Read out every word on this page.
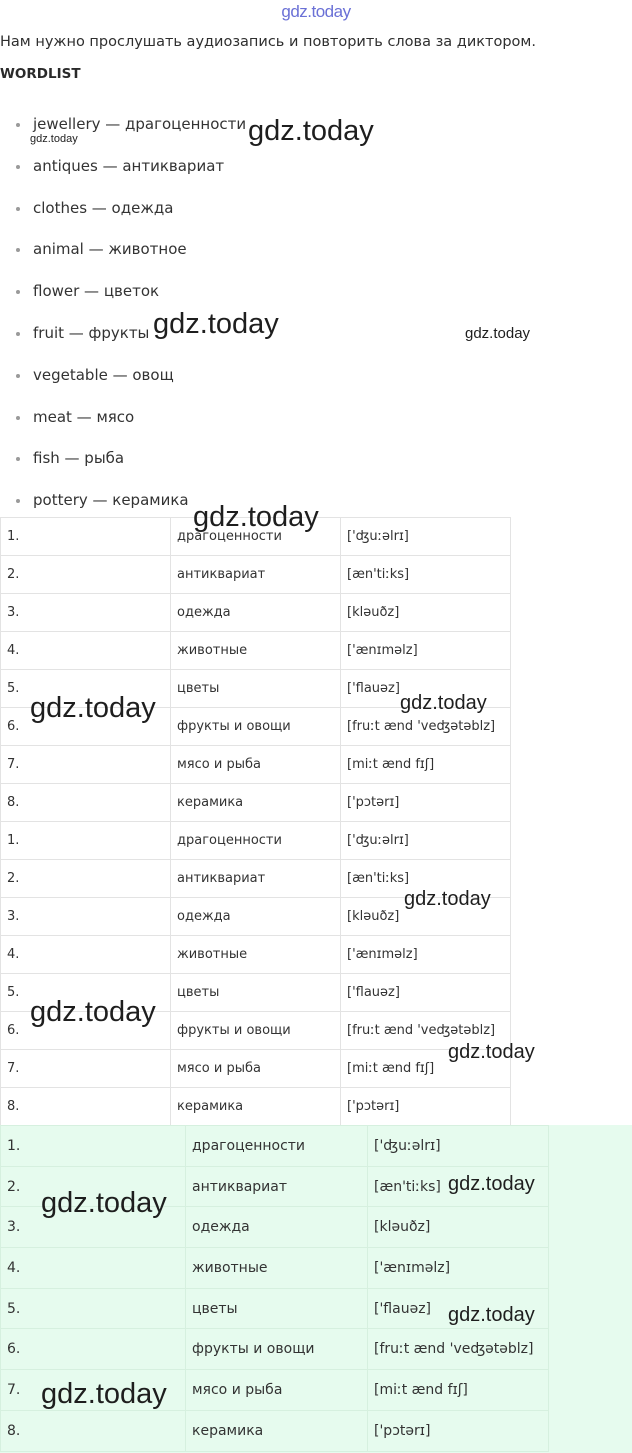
gdz.today
Нам нужно прослушать аудиозапись и повторить слова за диктором.
WORDLIST
jewellery — драгоценности
antiques — антиквариат
clothes — одежда
animal — животное
flower — цветок
fruit — фрукты
vegetable — овощ
meat — мясо
fish — рыба
pottery — керамика
1.	драгоценности	['ʤuːəlrɪ]
2.	антиквариат	[æn'tiːks]
3.	одежда	[kləuðz]
4.	животные	['ænɪməlz]
5.	цветы	['flauəz]
6.	фрукты и овощи	[fruːt ænd 'veʤətəblz]
7.	мясо и рыба	[miːt ænd fɪʃ]
8.	керамика	['pɔtərɪ]
1.	драгоценности	['ʤuːəlrɪ]
2.	антиквариат	[æn'tiːks]
3.	одежда	[kləuðz]
4.	животные	['ænɪməlz]
5.	цветы	['flauəz]
6.	фрукты и овощи	[fruːt ænd 'veʤətəblz]
7.	мясо и рыба	[miːt ænd fɪʃ]
8.	керамика	['pɔtərɪ]
1.	драгоценности	['ʤuːəlrɪ]
2.	антиквариат	[æn'tiːks]
3.	одежда	[kləuðz]
4.	животные	['ænɪməlz]
5.	цветы	['flauəz]
6.	фрукты и овощи	[fruːt ænd 'veʤətəblz]
7.	мясо и рыба	[miːt ænd fɪʃ]
8.	керамика	['pɔtərɪ]
gdz.today
gdz.today
gdz.today	gdz.today
gdz.today
gdz.today	gdz.today
gdz.today
gdz.today
gdz.today
gdz.today
gdz.today
gdz.today
gdz.today
